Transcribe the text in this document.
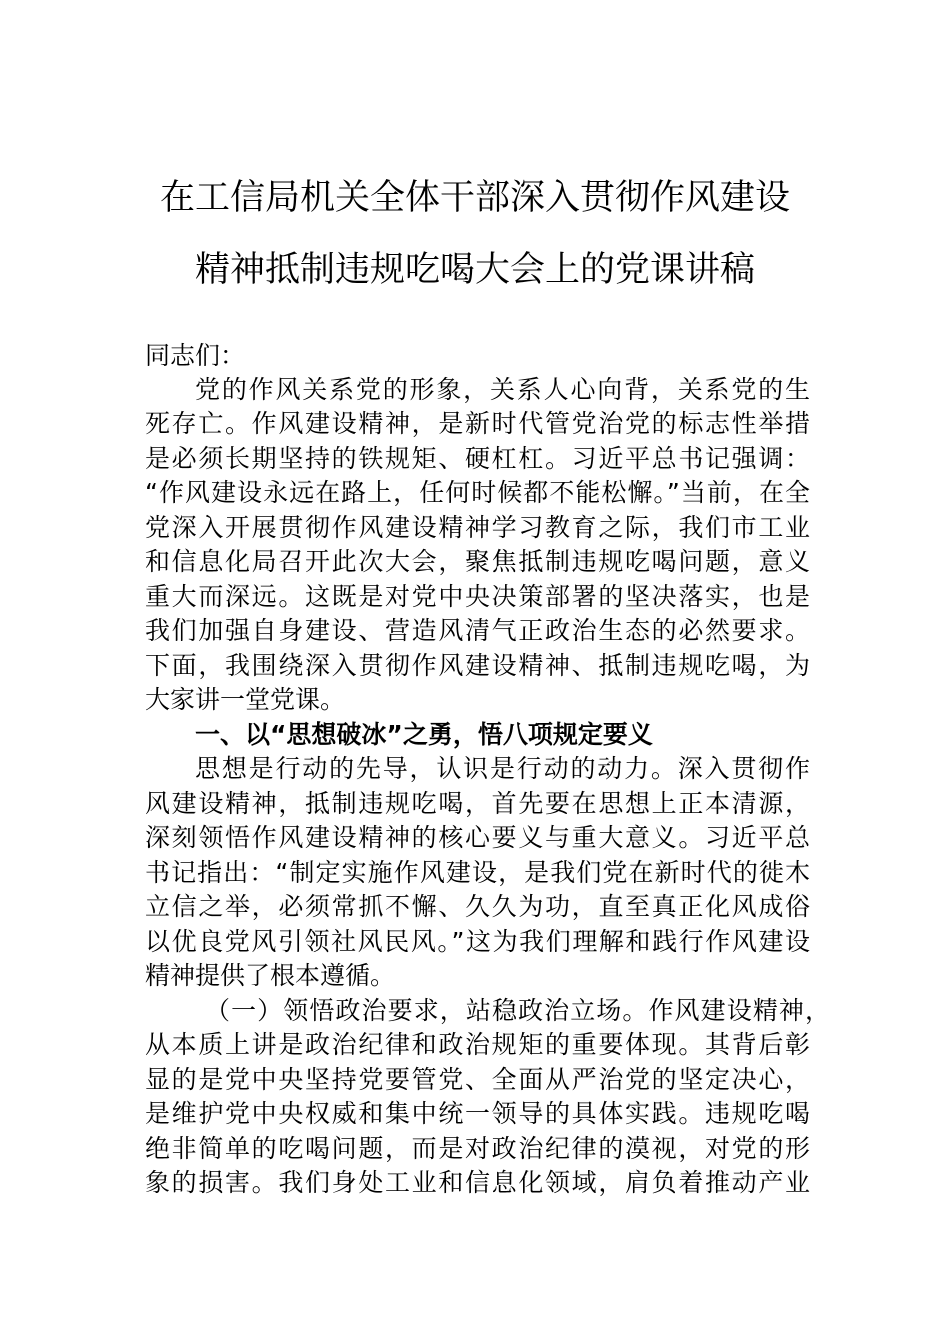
在工信局机关全体干部深入贯彻作风建设
精神抵制违规吃喝大会上的党课讲稿
同志们：
党的作风关系党的形象，关系人心向背，关系党的生
死存亡。作风建设精神，是新时代管党治党的标志性举措
是必须长期坚持的铁规矩、硬杠杠。习近平总书记强调：
“作风建设永远在路上，任何时候都不能松懈。”当前，在全
党深入开展贯彻作风建设精神学习教育之际，我们市工业
和信息化局召开此次大会，聚焦抵制违规吃喝问题，意义
重大而深远。这既是对党中央决策部署的坚决落实，也是
我们加强自身建设、营造风清气正政治生态的必然要求。
下面，我围绕深入贯彻作风建设精神、抵制违规吃喝，为
大家讲一堂党课。
一、以“思想破冰”之勇，悟八项规定要义
思想是行动的先导，认识是行动的动力。深入贯彻作
风建设精神，抵制违规吃喝，首先要在思想上正本清源，
深刻领悟作风建设精神的核心要义与重大意义。习近平总
书记指出：“制定实施作风建设，是我们党在新时代的徙木
立信之举，必须常抓不懈、久久为功，直至真正化风成俗
以优良党风引领社风民风。”这为我们理解和践行作风建设
精神提供了根本遵循。
（一）领悟政治要求，站稳政治立场。作风建设精神，
从本质上讲是政治纪律和政治规矩的重要体现。其背后彰
显的是党中央坚持党要管党、全面从严治党的坚定决心，
是维护党中央权威和集中统一领导的具体实践。违规吃喝
绝非简单的吃喝问题，而是对政治纪律的漠视，对党的形
象的损害。我们身处工业和信息化领域，肩负着推动产业
